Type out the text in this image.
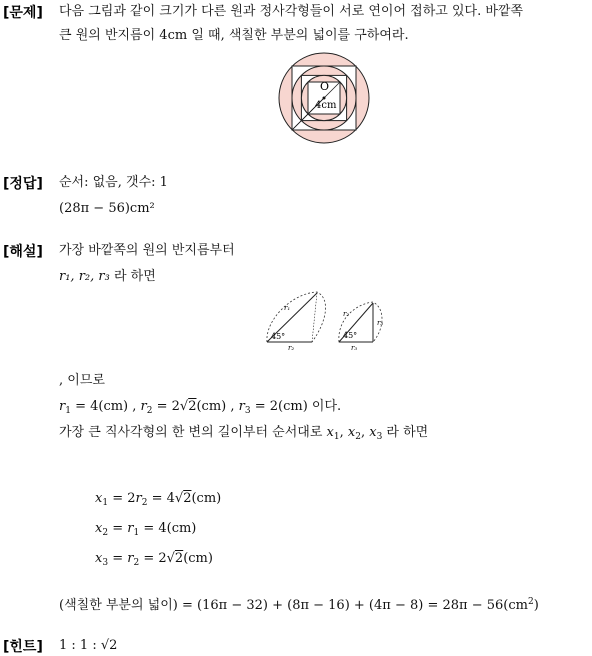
[문제] 다음 그림과 같이 크기가 다른 원과 정사각형들이 서로 연이어 접하고 있다. 바깥쪽
큰 원의 반지름이 4cm 일 때, 색칠한 부분의 넓이를 구하여라.
O
4cm
[정답] 순서: 없음, 갯수: 1
(28π − 56)cm²
[해설] 가장 바깥쪽의 원의 반지름부터
r₁, r₂, r₃ 라 하면
45°
r₁
r₂
45°
r₂
r₃
r₃
, 이므로
$r_1 = 4(cm)$ , $r_2 = 2√2(cm)$ , $r_3 = 2(cm)$ 이다.
가장 큰 직사각형의 한 변의 길이부터 순서대로 $x_1$, $x_2$, $x_3$ 라 하면
$x_1 = 2r_2 = 4√2(cm)$
$x_2 = r_1 = 4(cm)$
$x_3 = r_2 = 2√2(cm)$
(색칠한 부분의 넓이) = $(16\pi - 32) + (8\pi - 16) + (4\pi - 8) = 28\pi - 56(cm^2)$
[힌트] 1 : 1 : √2
